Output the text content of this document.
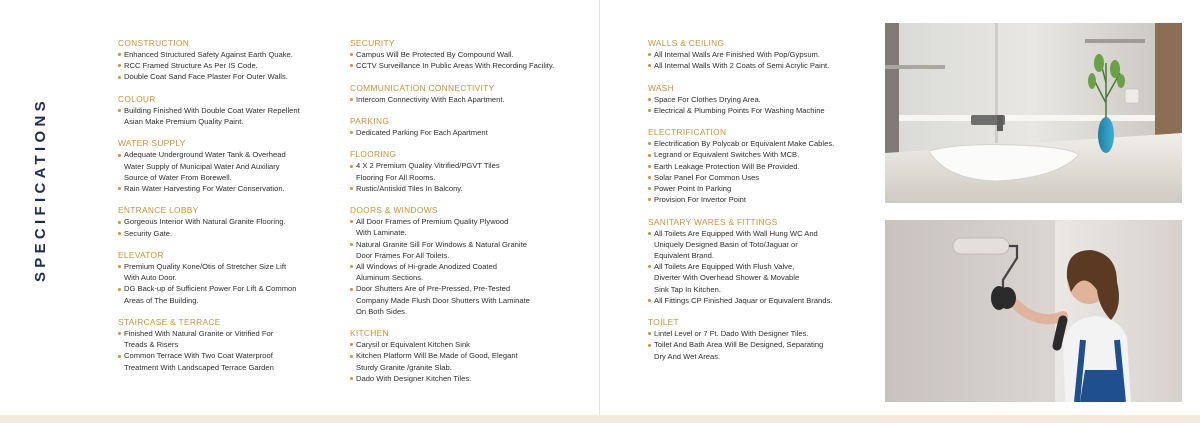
SPECIFICATIONS
CONSTRUCTION
Enhanced Structured Safety Against Earth Quake.
RCC Framed Structure As Per IS Code.
Double Coat Sand Face Plaster For Outer Walls.
COLOUR
Building Finished With Double Coat Water Repellent
Asian Make Premium Quality Paint.
WATER SUPPLY
Adequate Underground Water Tank & Overhead
Water Supply of Municipal Water And Auxiliary
Source of Water From Borewell.
Rain Water Harvesting For Water Conservation.
ENTRANCE LOBBY
Gorgeous Interior With Natural Granite Flooring.
Security Gate.
ELEVATOR
Premium Quality Kone/Otis of Stretcher Size Lift
With Auto Door.
DG Back-up of Sufficient Power For Lift & Common
Areas of The Building.
STAIRCASE & TERRACE
Finished With Natural Granite or Vitrified For
Treads & Risers
Common Terrace With Two Coat Waterproof
Treatment With Landscaped Terrace Garden
SECURITY
Campus Will Be Protected By Compound Wall.
CCTV Surveillance In Public Areas With Recording Facility.
COMMUNICATION CONNECTIVITY
Intercom Connectivity With Each Apartment.
PARKING
Dedicated Parking For Each Apartment
FLOORING
4 X 2 Premium Quality Vitrified/PGVT Tiles
Flooring For All Rooms.
Rustic/Antiskid Tiles In Balcony.
DOORS & WINDOWS
All Door Frames of Premium Quality Plywood
With Laminate.
Natural Granite Sill For Windows & Natural Granite
Door Frames For All Toilets.
All Windows of Hi-grade Anodized Coated
Aluminum Sections.
Door Shutters Are of Pre-Pressed, Pre-Tested
Company Made Flush Door Shutters With Laminate
On Both Sides.
KITCHEN
Carysil or Equivalent Kitchen Sink
Kitchen Platform Will Be Made of Good, Elegant
Sturdy Granite /granite Slab.
Dado With Designer Kitchen Tiles.
WALLS & CEILING
All Internal Walls Are Finished With Pop/Gypsum.
All Internal Walls With 2 Coats of Semi Acrylic Paint.
WASH
Space For Clothes Drying Area.
Electrical & Plumbing Points For Washing Machine
ELECTRIFICATION
Electrification By Polycab or Equivalent Make Cables.
Legrand or Equivalent Switches With MCB.
Earth Leakage Protection Will Be Provided.
Solar Panel For Common Uses
Power Point In Parking
Provision For Invertor Point
SANITARY WARES & FITTINGS
All Toilets Are Equipped With Wall Hung WC And
Uniquely Designed Basin of Toto/Jaguar or
Equivalent Brand.
All Toilets Are Equipped With Flush Valve,
Diverter With Overhead Shower & Movable
Sink Tap In Kitchen.
All Fittings CP Finished Jaquar or Equivalent Brands.
TOILET
Lintel Level or 7 Ft. Dado With Designer Tiles.
Toilet And Bath Area Will Be Designed, Separating
Dry And Wet Areas.
